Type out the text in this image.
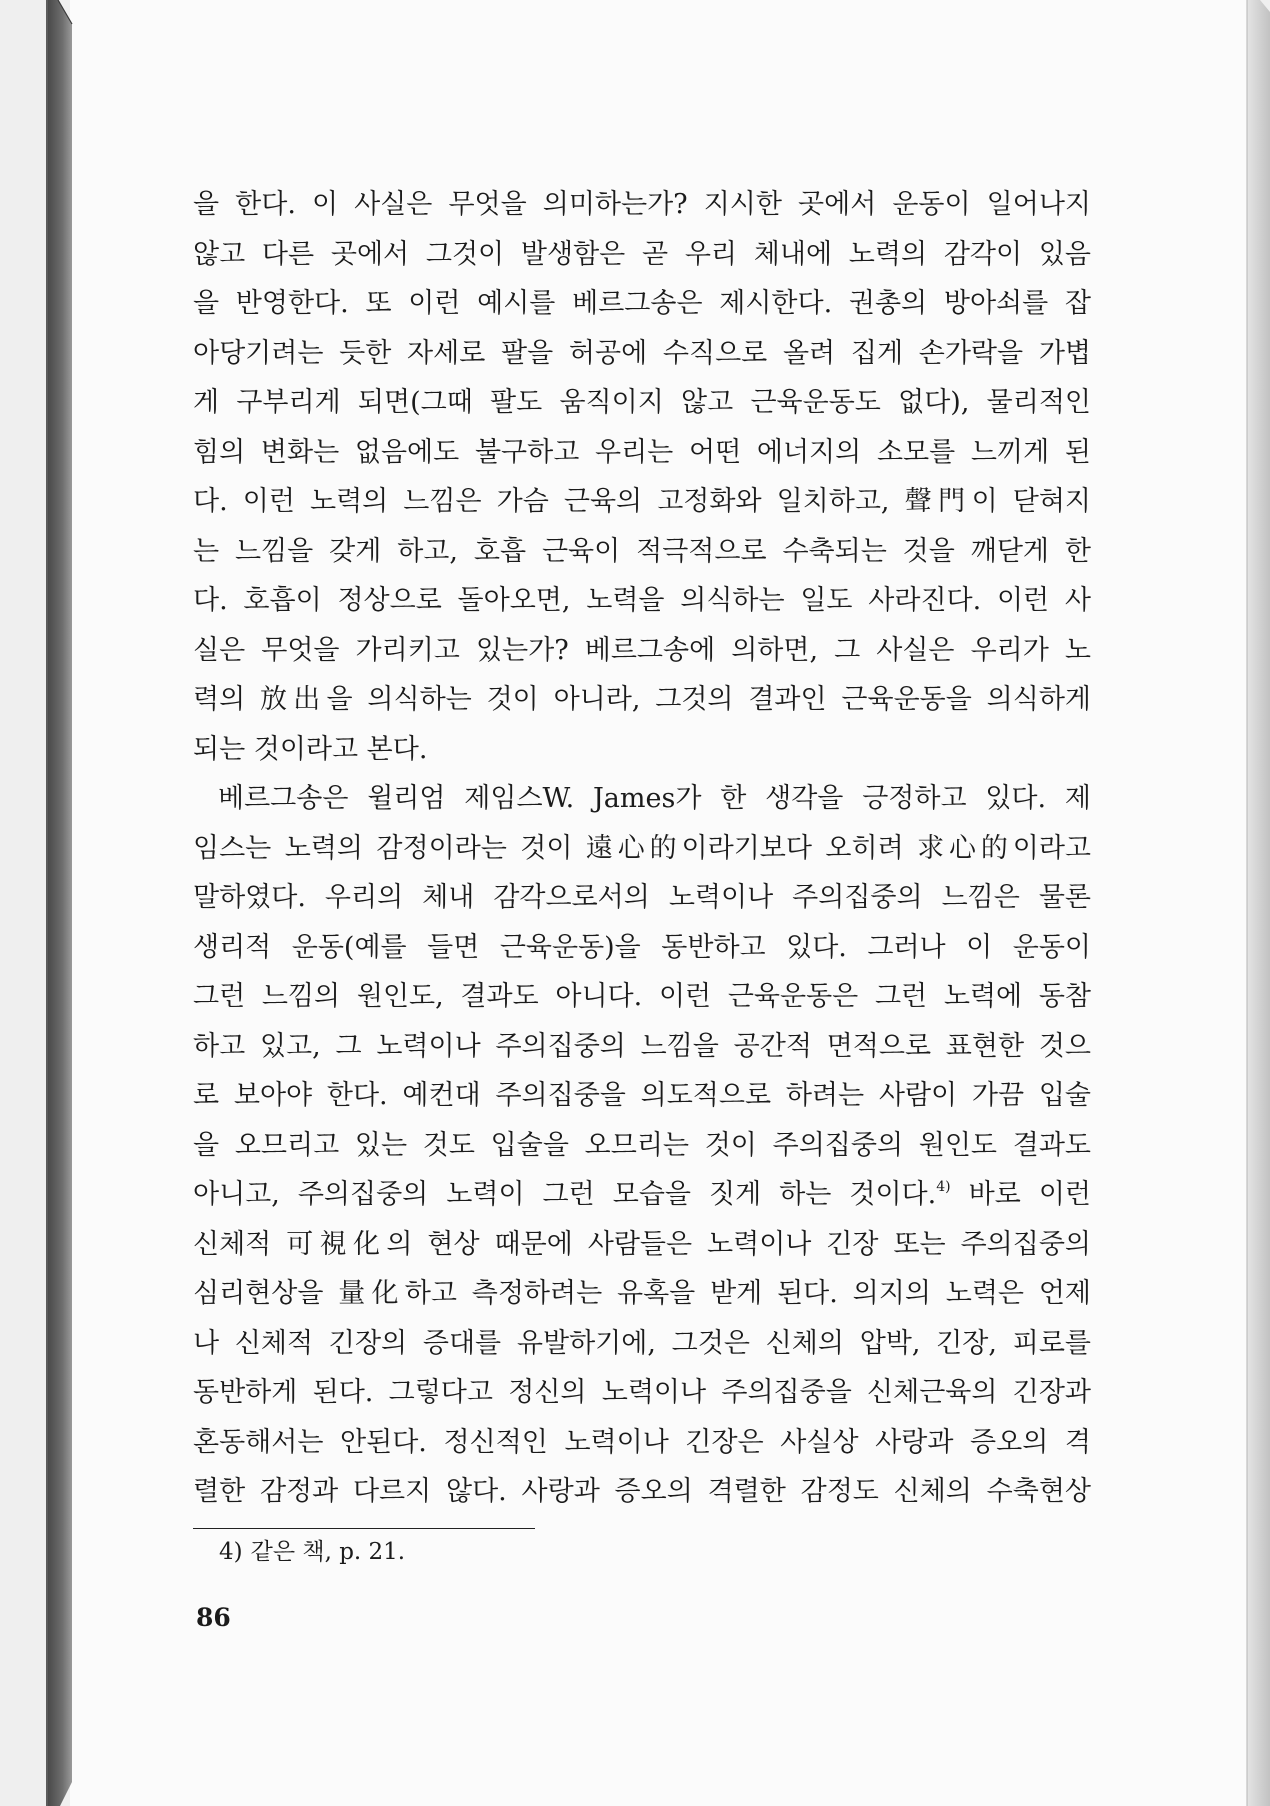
을 한다. 이 사실은 무엇을 의미하는가? 지시한 곳에서 운동이 일어나지
않고 다른 곳에서 그것이 발생함은 곧 우리 체내에 노력의 감각이 있음
을 반영한다. 또 이런 예시를 베르그송은 제시한다. 권총의 방아쇠를 잡
아당기려는 듯한 자세로 팔을 허공에 수직으로 올려 집게 손가락을 가볍
게 구부리게 되면(그때 팔도 움직이지 않고 근육운동도 없다), 물리적인
힘의 변화는 없음에도 불구하고 우리는 어떤 에너지의 소모를 느끼게 된
다. 이런 노력의 느낌은 가슴 근육의 고정화와 일치하고, 聲門이 닫혀지
는 느낌을 갖게 하고, 호흡 근육이 적극적으로 수축되는 것을 깨닫게 한
다. 호흡이 정상으로 돌아오면, 노력을 의식하는 일도 사라진다. 이런 사
실은 무엇을 가리키고 있는가? 베르그송에 의하면, 그 사실은 우리가 노
력의 放出을 의식하는 것이 아니라, 그것의 결과인 근육운동을 의식하게
되는 것이라고 본다.
베르그송은 윌리엄 제임스W. James가 한 생각을 긍정하고 있다. 제
임스는 노력의 감정이라는 것이 遠心的이라기보다 오히려 求心的이라고
말하였다. 우리의 체내 감각으로서의 노력이나 주의집중의 느낌은 물론
생리적 운동(예를 들면 근육운동)을 동반하고 있다. 그러나 이 운동이
그런 느낌의 원인도, 결과도 아니다. 이런 근육운동은 그런 노력에 동참
하고 있고, 그 노력이나 주의집중의 느낌을 공간적 면적으로 표현한 것으
로 보아야 한다. 예컨대 주의집중을 의도적으로 하려는 사람이 가끔 입술
을 오므리고 있는 것도 입술을 오므리는 것이 주의집중의 원인도 결과도
아니고, 주의집중의 노력이 그런 모습을 짓게 하는 것이다.$^{4)}$ 바로 이런
신체적 可視化의 현상 때문에 사람들은 노력이나 긴장 또는 주의집중의
심리현상을 量化하고 측정하려는 유혹을 받게 된다. 의지의 노력은 언제
나 신체적 긴장의 증대를 유발하기에, 그것은 신체의 압박, 긴장, 피로를
동반하게 된다. 그렇다고 정신의 노력이나 주의집중을 신체근육의 긴장과
혼동해서는 안된다. 정신적인 노력이나 긴장은 사실상 사랑과 증오의 격
렬한 감정과 다르지 않다. 사랑과 증오의 격렬한 감정도 신체의 수축현상
4) 같은 책, p. 21.
86
